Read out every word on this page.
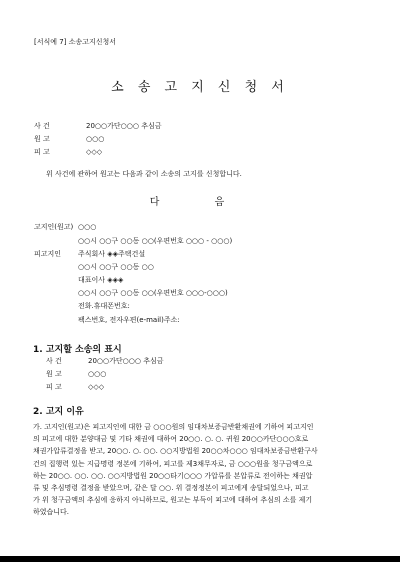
[서식예 7] 소송고지신청서
소 송 고 지 신 청 서
사 건	20○○가단○○○ 추심금
원 고	○○○
피 고	◇◇◇
위 사건에 관하여 원고는 다음과 같이 소송의 고지를 신청합니다.
다 음
고지인(원고) ○○○
○○시 ○○구 ○○동 ○○(우편번호 ○○○ - ○○○)
피고지인 주식회사 ◈◈주택건설
○○시 ○○구 ○○동 ○○
대표이사 ◈◈◈
○○시 ○○구 ○○동 ○○(우편번호 ○○○-○○○)
전화.휴대폰번호:
팩스번호, 전자우편(e-mail)주소:
1. 고지할 소송의 표시
사 건	20○○가단○○○ 추심금
원 고	○○○
피 고	◇◇◇
2. 고지 이유
가. 고지인(원고)은 피고지인에 대한 금 ○○○원의 임대차보증금반환채권에 기하여 피고지인
의 피고에 대한 분양대금 및 기타 채권에 대하여 20○○. ○. ○. 귀원 20○○카단○○○호로
채권가압류결정을 받고, 20○○. ○. ○○. ○○지방법원 20○○차○○○ 임대차보증금반환구사
건의 집행력 있는 지급명령 정본에 기하여, 피고를 제3채무자로, 금 ○○○원을 청구금액으로
하는 20○○. ○○. ○○. ○○지방법원 20○○타기○○○ 가압류를 본압류로 전이하는 채권압
류 및 추심명령 결정을 받았으며, 같은 달 ○○. 위 결정정본이 피고에게 송달되었으나, 피고
가 위 청구금액의 추심에 응하지 아니하므로, 원고는 부득이 피고에 대하여 추심의 소를 제기
하였습니다.
